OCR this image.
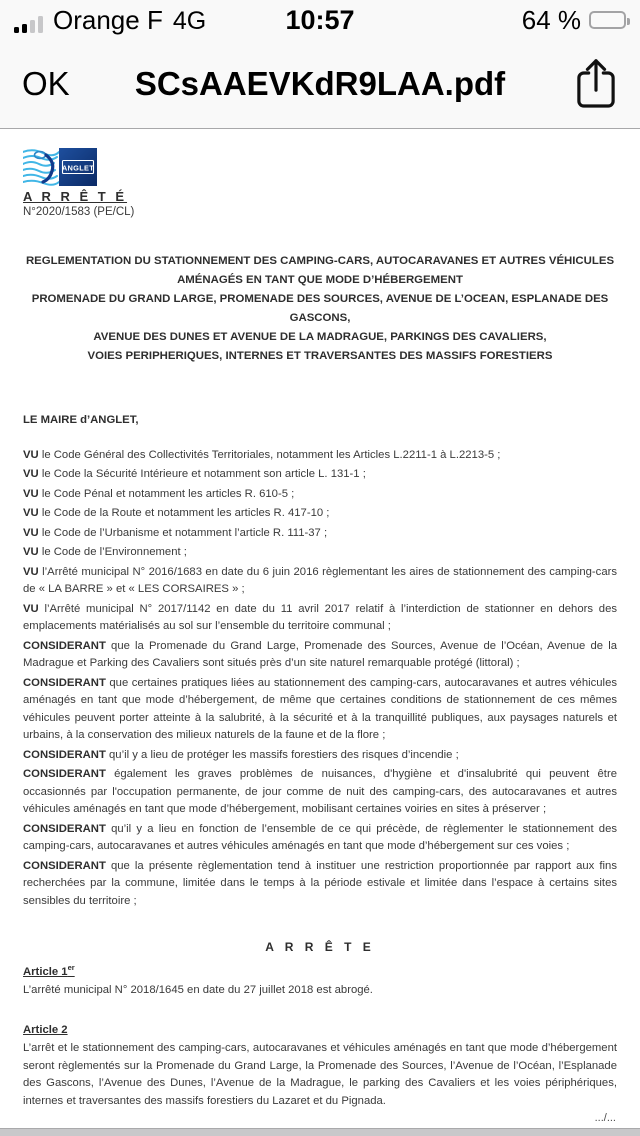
Orange F 4G	10:57	64 %
OK	SCsAAEVKdR9LAA.pdf
ANGLET
A R R Ê T É
N°2020/1583 (PE/CL)
REGLEMENTATION DU STATIONNEMENT DES CAMPING-CARS, AUTOCARAVANES ET AUTRES VÉHICULES
AMÉNAGÉS EN TANT QUE MODE D’HÉBERGEMENT
PROMENADE DU GRAND LARGE, PROMENADE DES SOURCES, AVENUE DE L’OCEAN, ESPLANADE DES GASCONS,
AVENUE DES DUNES ET AVENUE DE LA MADRAGUE, PARKINGS DES CAVALIERS,
VOIES PERIPHERIQUES, INTERNES ET TRAVERSANTES DES MASSIFS FORESTIERS
LE MAIRE d’ANGLET,

VU le Code Général des Collectivités Territoriales, notamment les Articles L.2211-1 à L.2213-5 ;

VU le Code la Sécurité Intérieure et notamment son article L. 131-1 ;

VU le Code Pénal et notamment les articles R. 610-5 ;

VU le Code de la Route et notamment les articles R. 417-10 ;

VU le Code de l’Urbanisme et notamment l’article R. 111-37 ;

VU le Code de l’Environnement ;

VU l’Arrêté municipal N° 2016/1683 en date du 6 juin 2016 règlementant les aires de stationnement des camping-cars de « LA BARRE » et « LES CORSAIRES » ;

VU l’Arrêté municipal N° 2017/1142 en date du 11 avril 2017 relatif à l’interdiction de stationner en dehors des emplacements matérialisés au sol sur l’ensemble du territoire communal ;

CONSIDERANT que la Promenade du Grand Large, Promenade des Sources, Avenue de l’Océan, Avenue de la Madrague et Parking des Cavaliers sont situés près d’un site naturel remarquable protégé (littoral) ;

CONSIDERANT que certaines pratiques liées au stationnement des camping-cars, autocaravanes et autres véhicules aménagés en tant que mode d’hébergement, de même que certaines conditions de stationnement de ces mêmes véhicules peuvent porter atteinte à la salubrité, à la sécurité et à la tranquillité publiques, aux paysages naturels et urbains, à la conservation des milieux naturels de la faune et de la flore ;

CONSIDERANT qu’il y a lieu de protéger les massifs forestiers des risques d’incendie ;

CONSIDERANT également les graves problèmes de nuisances, d'hygiène et d'insalubrité qui peuvent être occasionnés par l'occupation permanente, de jour comme de nuit des camping-cars, des autocaravanes et autres véhicules aménagés en tant que mode d’hébergement, mobilisant certaines voiries en sites à préserver ;

CONSIDERANT qu’il y a lieu en fonction de l’ensemble de ce qui précède, de règlementer le stationnement des camping-cars, autocaravanes et autres véhicules aménagés en tant que mode d’hébergement sur ces voies ;

CONSIDERANT que la présente règlementation tend à instituer une restriction proportionnée par rapport aux fins recherchées par la commune, limitée dans le temps à la période estivale et limitée dans l’espace à certains sites sensibles du territoire ;

A R R Ê T E
Article 1er

L’arrêté municipal N° 2018/1645 en date du 27 juillet 2018 est abrogé.

Article 2

L’arrêt et le stationnement des camping-cars, autocaravanes et véhicules aménagés en tant que mode d’hébergement seront règlementés sur la Promenade du Grand Large, la Promenade des Sources, l’Avenue de l’Océan, l’Esplanade des Gascons, l’Avenue des Dunes, l’Avenue de la Madrague, le parking des Cavaliers et les voies périphériques, internes et traversantes des massifs forestiers du Lazaret et du Pignada.

.../...
